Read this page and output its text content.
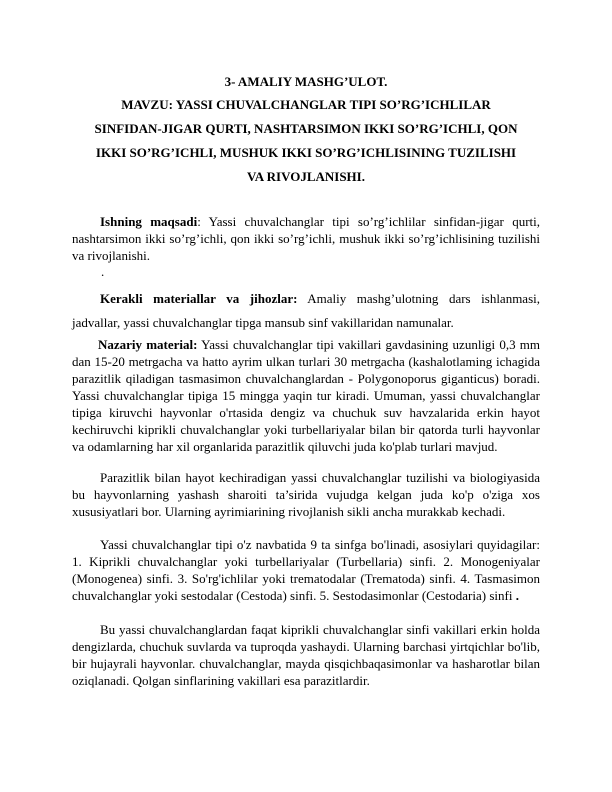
3- AMALIY MASHG’ULOT.
MAVZU: YASSI CHUVALCHANGLAR TIPI SO’RG’ICHLILAR
SINFIDAN-JIGAR QURTI, NASHTARSIMON IKKI SO’RG’ICHLI, QON
IKKI SO’RG’ICHLI, MUSHUK IKKI SO’RG’ICHLISINING TUZILISHI
VA RIVOJLANISHI.

Ishning maqsadi: Yassi chuvalchanglar tipi so’rg’ichlilar sinfidan-jigar qurti, nashtarsimon ikki so’rg’ichli, qon ikki so’rg’ichli, mushuk ikki so’rg’ichlisining tuzilishi va rivojlanishi.

.

Kerakli materiallar va jihozlar: Amaliy mashg’ulotning dars ishlanmasi, jadvallar, yassi chuvalchanglar tipga mansub sinf vakillaridan namunalar.

Nazariy material: Yassi chuvalchanglar tipi vakillari gavdasining uzunligi 0,3 mm dan 15-20 metrgacha va hatto ayrim ulkan turlari 30 metrgacha (kashalotlaming ichagida parazitlik qiladigan tasmasimon chuvalchanglardan - Polygonoporus giganticus) boradi. Yassi chuvalchanglar tipiga 15 mingga yaqin tur kiradi. Umuman, yassi chuvalchanglar tipiga kiruvchi hayvonlar o'rtasida dengiz va chuchuk suv havzalarida erkin hayot kechiruvchi kiprikli chuvalchanglar yoki turbellariyalar bilan bir qatorda turli hayvonlar va odamlarning har xil organlarida parazitlik qiluvchi juda ko'plab turlari mavjud.

Parazitlik bilan hayot kechiradigan yassi chuvalchanglar tuzilishi va biologiyasida bu hayvonlarning yashash sharoiti ta’sirida vujudga kelgan juda ko'p o'ziga xos xususiyatlari bor. Ularning ayrimiarining rivojlanish sikli ancha murakkab kechadi.

Yassi chuvalchanglar tipi o'z navbatida 9 ta sinfga bo'linadi, asosiylari quyidagilar: 1. Kiprikli chuvalchanglar yoki turbellariyalar (Turbellaria) sinfi. 2. Monogeniyalar (Monogenea) sinfi. 3. So'rg'ichlilar yoki trematodalar (Trematoda) sinfi. 4. Tasmasimon chuvalchanglar yoki sestodalar (Cestoda) sinfi. 5. Sestodasimonlar (Cestodaria) sinfi .

Bu yassi chuvalchanglardan faqat kiprikli chuvalchanglar sinfi vakillari erkin holda dengizlarda, chuchuk suvlarda va tuproqda yashaydi. Ularning barchasi yirtqichlar bo'lib, bir hujayrali hayvonlar. chuvalchanglar, mayda qisqichbaqasimonlar va hasharotlar bilan oziqlanadi. Qolgan sinflarining vakillari esa parazitlardir.
